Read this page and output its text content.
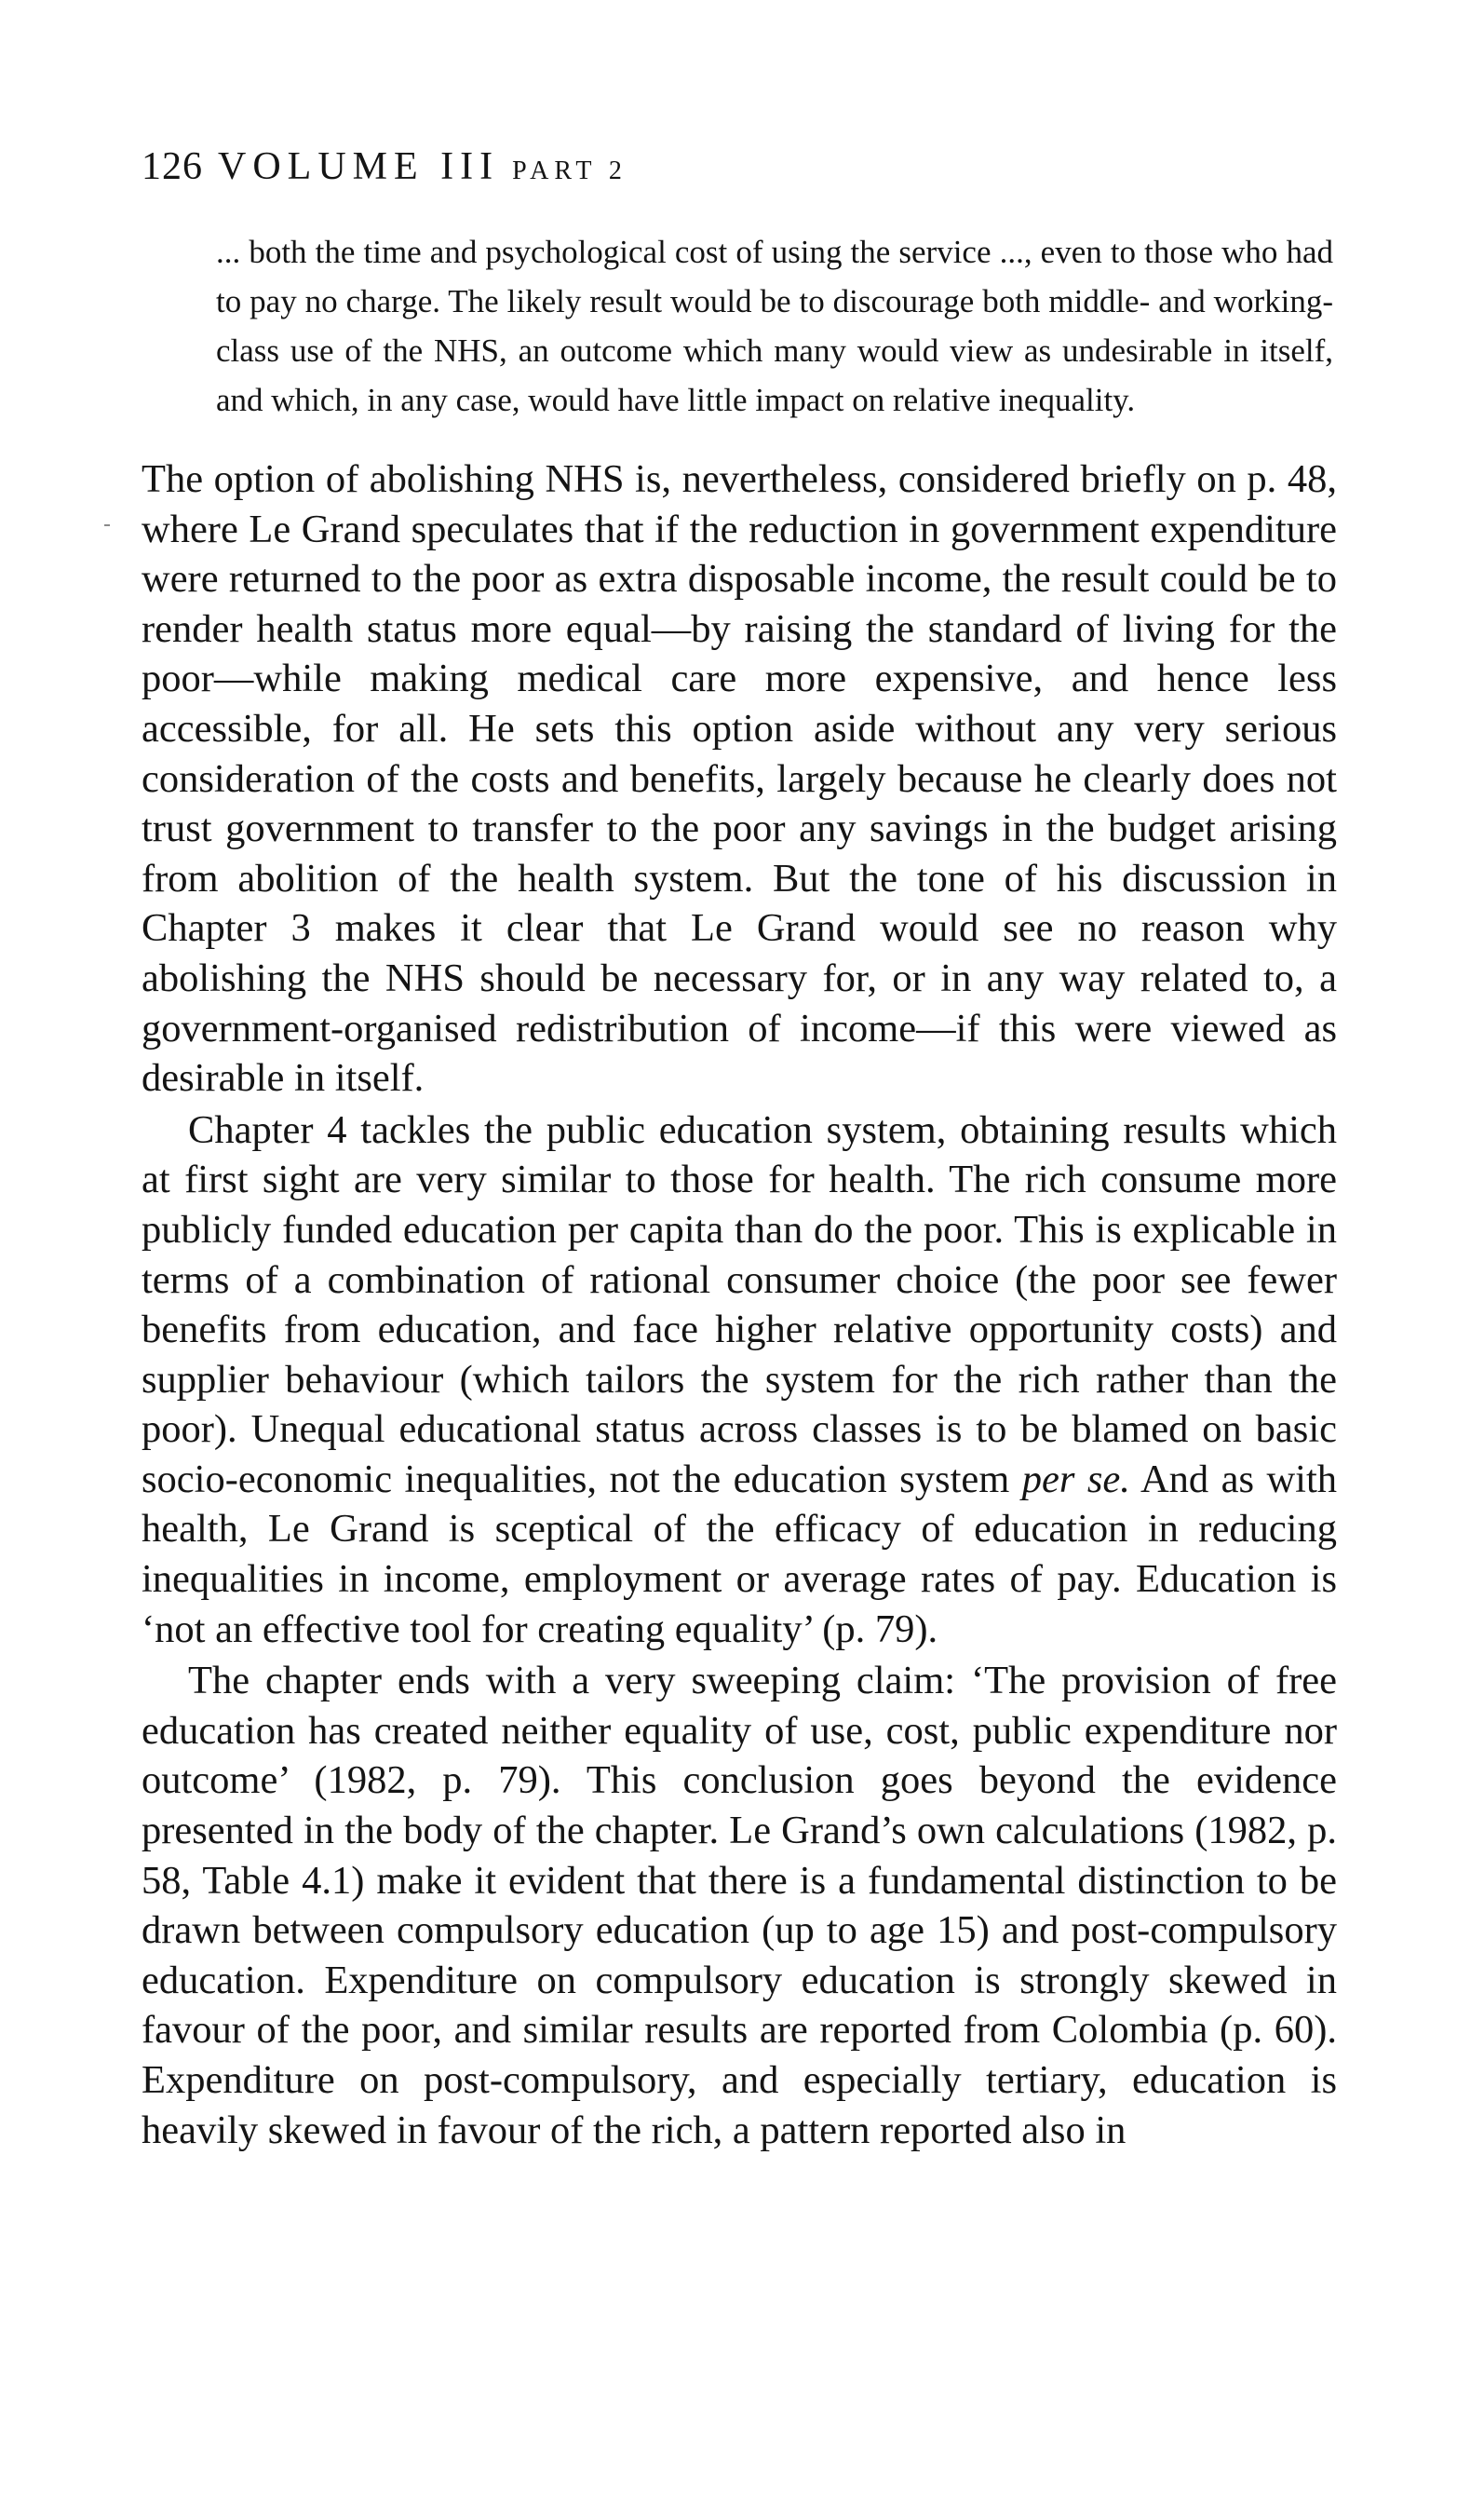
126 VOLUME III PART 2
... both the time and psychological cost of using the service ..., even to those who had to pay no charge. The likely result would be to discourage both middle- and working-class use of the NHS, an outcome which many would view as undesirable in itself, and which, in any case, would have little impact on relative inequality.

The option of abolishing NHS is, nevertheless, considered briefly on p. 48, where Le Grand speculates that if the reduction in government expenditure were returned to the poor as extra disposable income, the result could be to render health status more equal—by raising the standard of living for the poor—while making medical care more expensive, and hence less accessible, for all. He sets this option aside without any very serious consideration of the costs and benefits, largely because he clearly does not trust government to transfer to the poor any savings in the budget arising from abolition of the health system. But the tone of his discussion in Chapter 3 makes it clear that Le Grand would see no reason why abolishing the NHS should be necessary for, or in any way related to, a government-organised redistribution of income—if this were viewed as desirable in itself.

Chapter 4 tackles the public education system, obtaining results which at first sight are very similar to those for health. The rich consume more publicly funded education per capita than do the poor. This is explicable in terms of a combination of rational consumer choice (the poor see fewer benefits from education, and face higher relative opportunity costs) and supplier behaviour (which tailors the system for the rich rather than the poor). Unequal educational status across classes is to be blamed on basic socio-economic inequalities, not the education system per se. And as with health, Le Grand is sceptical of the efficacy of education in reducing inequalities in income, employment or average rates of pay. Education is ‘not an effective tool for creating equality’ (p. 79).

The chapter ends with a very sweeping claim: ‘The provision of free education has created neither equality of use, cost, public expenditure nor outcome’ (1982, p. 79). This conclusion goes beyond the evidence presented in the body of the chapter. Le Grand’s own calculations (1982, p. 58, Table 4.1) make it evident that there is a fundamental distinction to be drawn between compulsory education (up to age 15) and post-compulsory education. Expenditure on compulsory education is strongly skewed in favour of the poor, and similar results are reported from Colombia (p. 60). Expenditure on post-compulsory, and especially tertiary, education is heavily skewed in favour of the rich, a pattern reported also in
